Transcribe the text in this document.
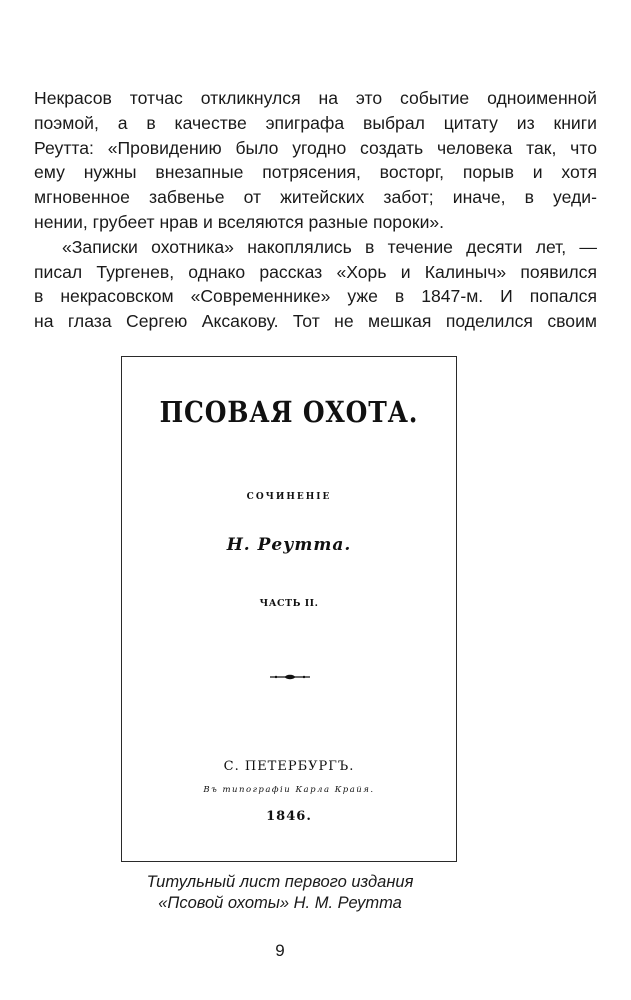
Некрасов тотчас откликнулся на это событие одноименной
поэмой, а в качестве эпиграфа выбрал цитату из книги
Реутта: «Провидению было угодно создать человека так, что
ему нужны внезапные потрясения, восторг, порыв и хотя
мгновенное забвенье от житейских забот; иначе, в уеди-
нении, грубеет нрав и вселяются разные пороки».

«Записки охотника» накоплялись в течение десяти лет, —
писал Тургенев, однако рассказ «Хорь и Калиныч» появился
в некрасовском «Современнике» уже в 1847-м. И попался
на глаза Сергею Аксакову. Тот не мешкая поделился своим

ПСОВАЯ ОХОТА.
СОЧИНЕНІЕ
Н. Реутта.
ЧАСТЬ II.
С. ПЕТЕРБУРГЪ.
Въ типографіи Карла Крайя.
1846.
Титульный лист первого издания
«Псовой охоты» Н. М. Реутта
9
